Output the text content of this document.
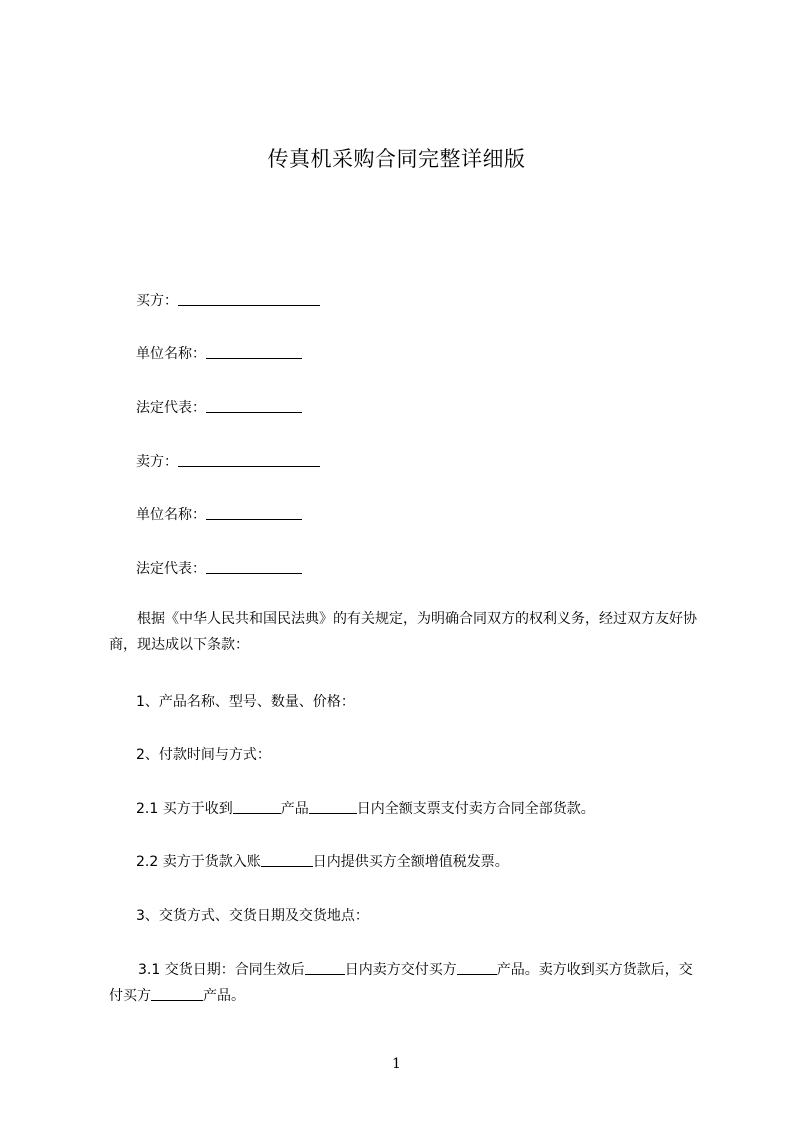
传真机采购合同完整详细版
买方：
单位名称：
法定代表：
卖方：
单位名称：
法定代表：
根据《中华人民共和国民法典》的有关规定，为明确合同双方的权利义务，经过双方友好协商，现达成以下条款：
1、产品名称、型号、数量、价格：
2、付款时间与方式：
2.1 买方于收到	产品	日内全额支票支付卖方合同全部货款。
2.2 卖方于货款入账	日内提供买方全额增值税发票。
3、交货方式、交货日期及交货地点：
3.1 交货日期：合同生效后	日内卖方交付买方	产品。卖方收到买方货款后，交付买方	产品。
1
